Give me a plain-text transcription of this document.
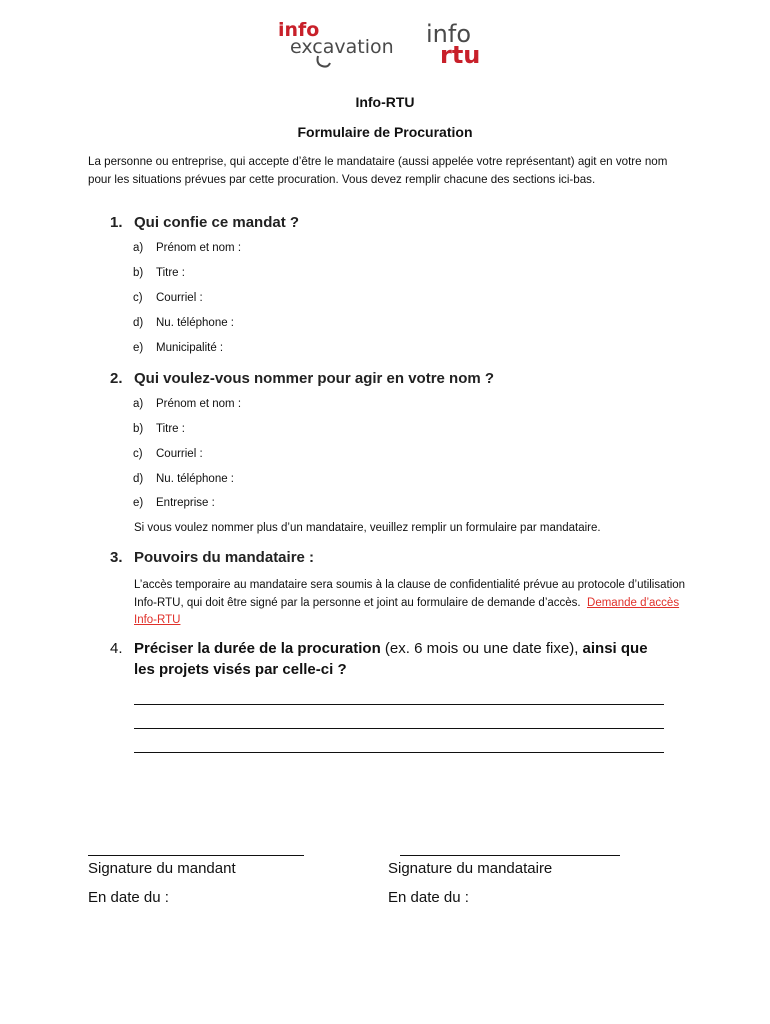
info
excavation info
rtu
Info-RTU
Formulaire de Procuration
La personne ou entreprise, qui accepte d’être le mandataire (aussi appelée votre représentant) agit en votre nom pour les situations prévues par cette procuration. Vous devez remplir chacune des sections ici-bas.
1. Qui confie ce mandat ?
a) Prénom et nom :
b) Titre :
c) Courriel :
d) Nu. téléphone :
e) Municipalité :
2. Qui voulez-vous nommer pour agir en votre nom ?
a) Prénom et nom :
b) Titre :
c) Courriel :
d) Nu. téléphone :
e) Entreprise :
Si vous voulez nommer plus d’un mandataire, veuillez remplir un formulaire par mandataire.
3. Pouvoirs du mandataire :
L’accès temporaire au mandataire sera soumis à la clause de confidentialité prévue au protocole d’utilisation Info-RTU, qui doit être signé par la personne et joint au formulaire de demande d’accès. Demande d’accès Info-RTU
4. Préciser la durée de la procuration (ex. 6 mois ou une date fixe), ainsi que
les projets visés par celle-ci ?
Signature du mandant	Signature du mandataire
En date du :	En date du :
